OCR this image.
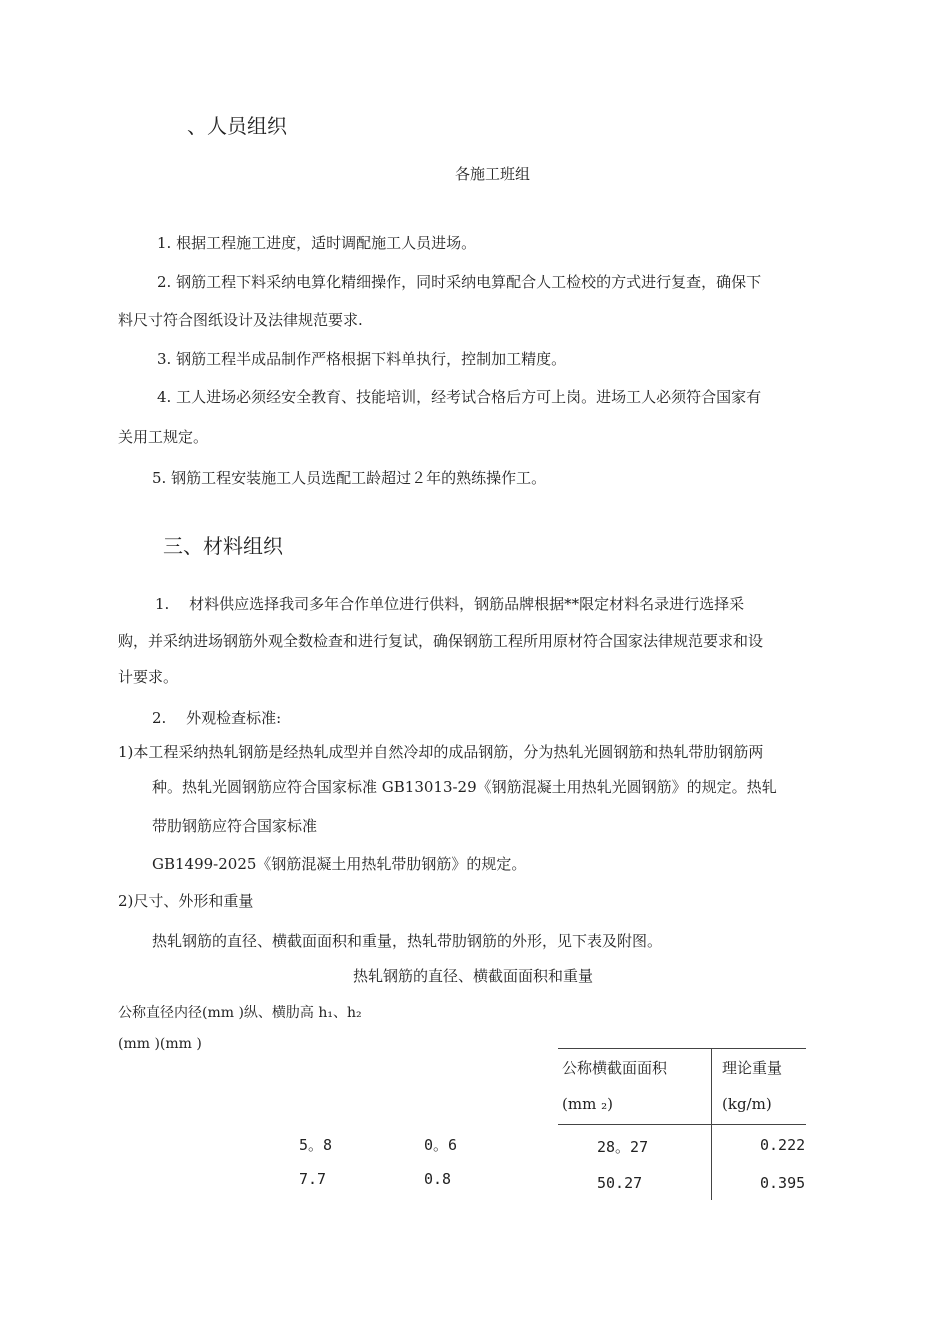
、人员组织
各施工班组
1. 根据工程施工进度，适时调配施工人员进场。
2. 钢筋工程下料采纳电算化精细操作，同时采纳电算配合人工检校的方式进行复查，确保下
料尺寸符合图纸设计及法律规范要求.
3. 钢筋工程半成品制作严格根据下料单执行，控制加工精度。
4. 工人进场必须经安全教育、技能培训，经考试合格后方可上岗。进场工人必须符合国家有
关用工规定。
5. 钢筋工程安装施工人员选配工龄超过２年的熟练操作工。
三、材料组织
1.　 材料供应选择我司多年合作单位进行供料，钢筋品牌根据**限定材料名录进行选择采
购，并采纳进场钢筋外观全数检查和进行复试，确保钢筋工程所用原材符合国家法律规范要求和设
计要求。
2.　 外观检查标准:
1)本工程采纳热轧钢筋是经热轧成型并自然冷却的成品钢筋，分为热轧光圆钢筋和热轧带肋钢筋两
种。热轧光圆钢筋应符合国家标准 GB13013-29《钢筋混凝土用热轧光圆钢筋》的规定。热轧
带肋钢筋应符合国家标准
GB1499-2025《钢筋混凝土用热轧带肋钢筋》的规定。
2)尺寸、外形和重量
热轧钢筋的直径、横截面面积和重量，热轧带肋钢筋的外形，见下表及附图。
热轧钢筋的直径、横截面面积和重量
公称直径内径(mm )纵、横肋高 h₁、h₂
(mm )(mm )
公称横截面面积
(mm ₂)
理论重量
(kg/m)
5。8	0。6	28。27	0.222
7.7	0.8	50.27	0.395
